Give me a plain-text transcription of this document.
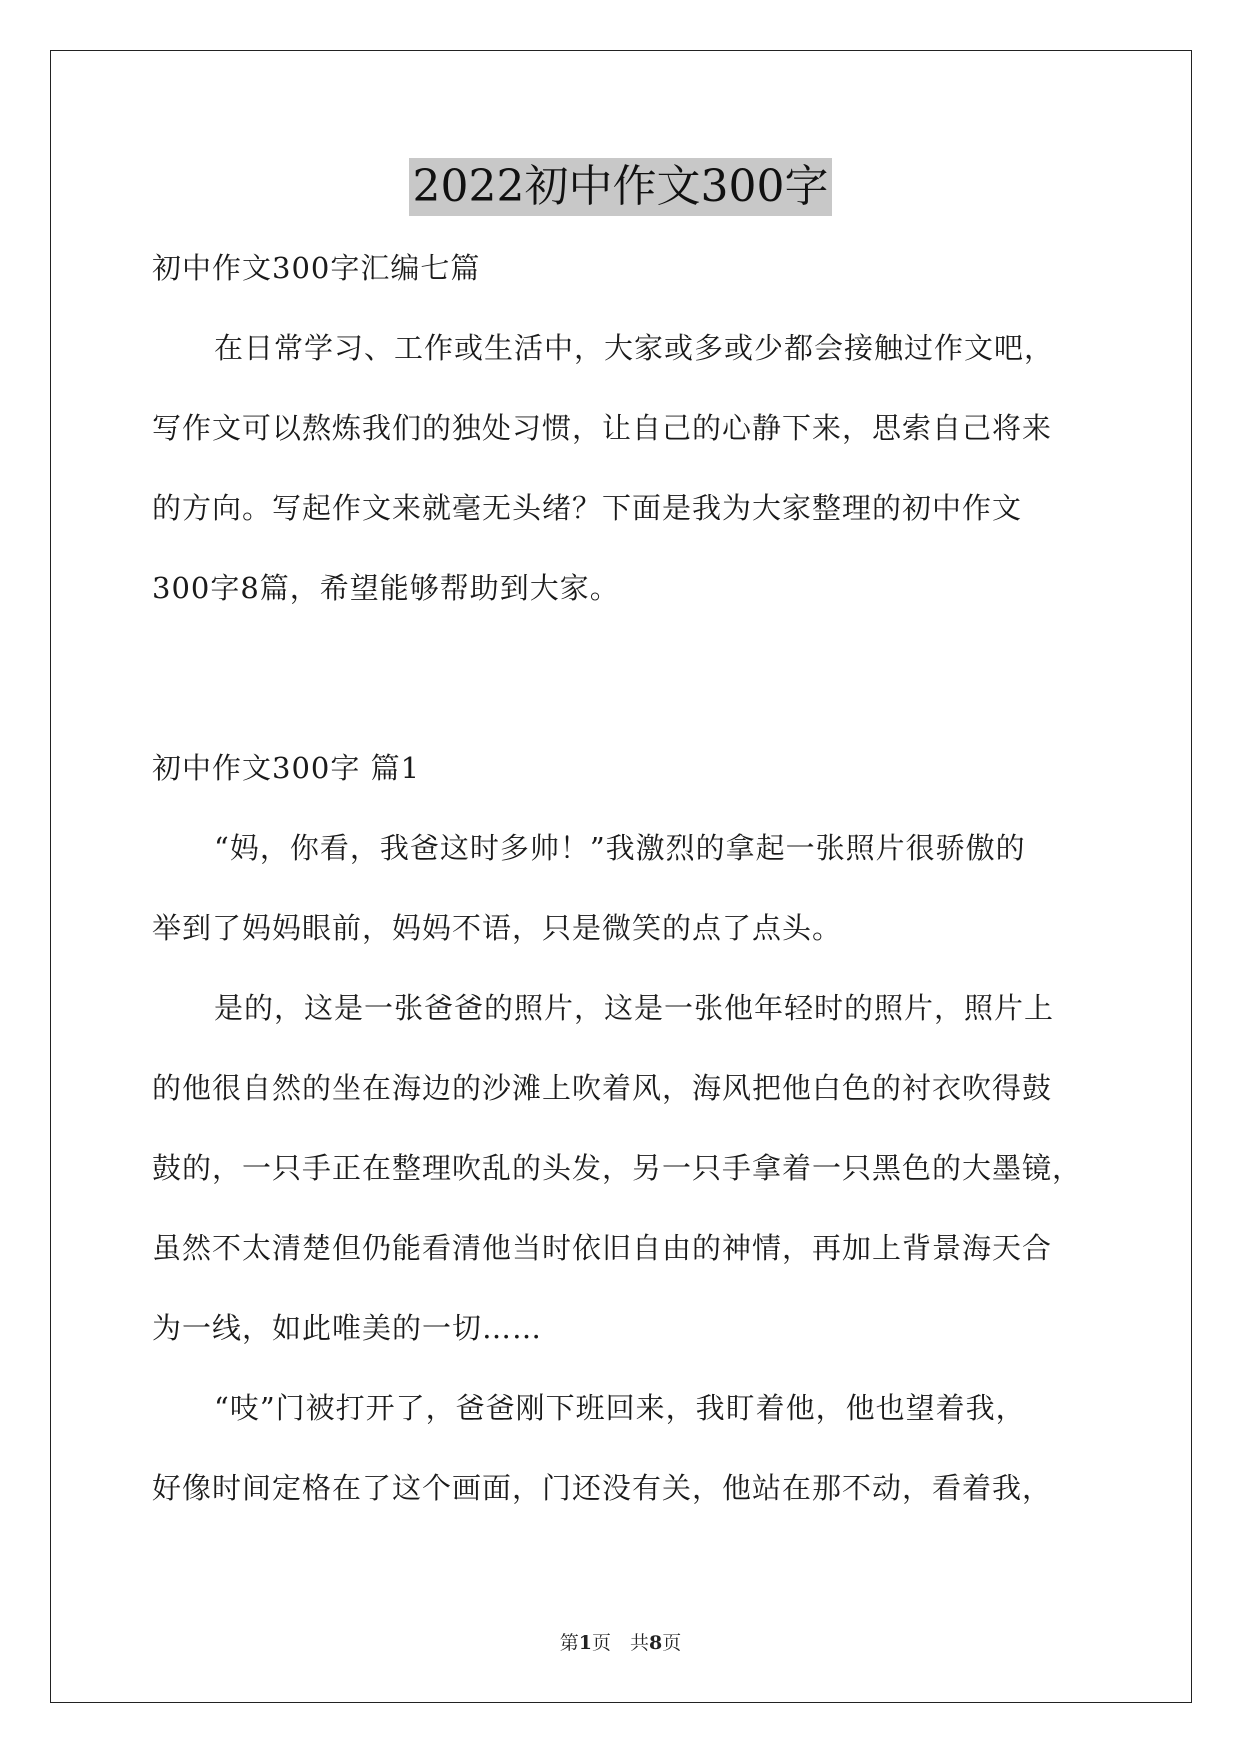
2022初中作文300字
初中作文300字汇编七篇
在日常学习、工作或生活中，大家或多或少都会接触过作文吧，
写作文可以熬炼我们的独处习惯，让自己的心静下来，思索自己将来
的方向。写起作文来就毫无头绪？下面是我为大家整理的初中作文
300字8篇，希望能够帮助到大家。
初中作文300字 篇1
“妈，你看，我爸这时多帅！”我激烈的拿起一张照片很骄傲的
举到了妈妈眼前，妈妈不语，只是微笑的点了点头。
是的，这是一张爸爸的照片，这是一张他年轻时的照片，照片上
的他很自然的坐在海边的沙滩上吹着风，海风把他白色的衬衣吹得鼓
鼓的，一只手正在整理吹乱的头发，另一只手拿着一只黑色的大墨镜，
虽然不太清楚但仍能看清他当时依旧自由的神情，再加上背景海天合
为一线，如此唯美的一切……
“吱”门被打开了，爸爸刚下班回来，我盯着他，他也望着我，
好像时间定格在了这个画面，门还没有关，他站在那不动，看着我，
第1页　共8页
